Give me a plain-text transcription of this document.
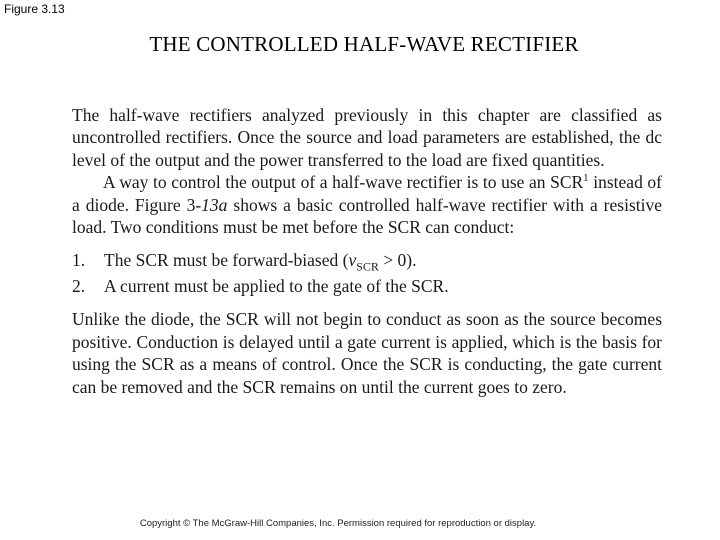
Figure 3.13
THE CONTROLLED HALF-WAVE RECTIFIER

The half-wave rectifiers analyzed previously in this chapter are classified as uncontrolled rectifiers. Once the source and load parameters are established, the dc level of the output and the power transferred to the load are fixed quantities.

A way to control the output of a half-wave rectifier is to use an SCR$^1$ instead of a diode. Figure 3-13a shows a basic controlled half-wave rectifier with a resistive load. Two conditions must be met before the SCR can conduct:

1.	The SCR must be forward-biased $(v_{SCR} > 0)$.
2.	A current must be applied to the gate of the SCR.

Unlike the diode, the SCR will not begin to conduct as soon as the source becomes positive. Conduction is delayed until a gate current is applied, which is the basis for using the SCR as a means of control. Once the SCR is conducting, the gate current can be removed and the SCR remains on until the current goes to zero.

Copyright © The McGraw-Hill Companies, Inc. Permission required for reproduction or display.
